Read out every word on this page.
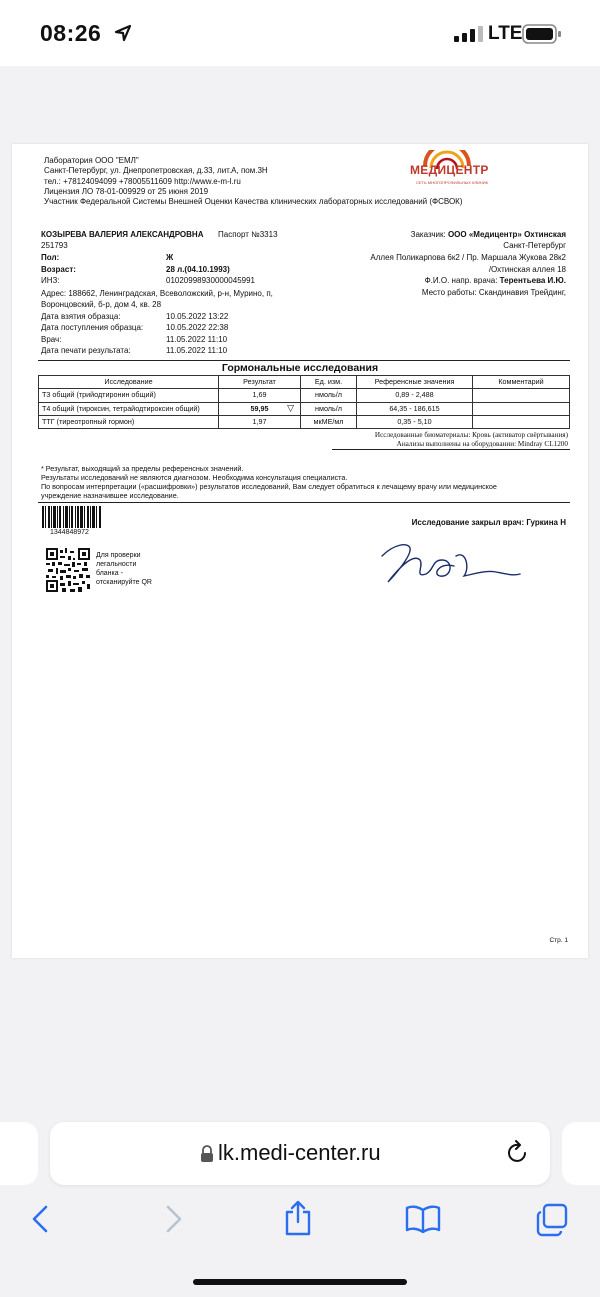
08:26	LTE
Лаборатория ООО "ЕМЛ"
Санкт-Петербург, ул. Днепропетровская, д.33, лит.А, пом.3Н
тел.: +78124094099 +78005511609 http://www.e-m-l.ru
Лицензия ЛО 78-01-009929 от 25 июня 2019
Участник Федеральной Системы Внешней Оценки Качества клинических лабораторных исследований (ФСВОК)
МЕДИЦЕНТР
СЕТЬ МНОГОПРОФИЛЬНЫХ КЛИНИК
КОЗЫРЕВА ВАЛЕРИЯ АЛЕКСАНДРОВНА Паспорт №3313
251793
Пол:	Ж
Возраст:	28 л.(04.10.1993)
ИНЗ:	01020998930000045991
Адрес: 188662, Ленинградская, Всеволожский, р-н, Мурино, п,
Воронцовский, б-р, дом 4, кв. 28
Дата взятия образца:	10.05.2022 13:22
Дата поступления образца:	10.05.2022 22:38
Врач:	11.05.2022 11:10
Дата печати результата:	11.05.2022 11:10
Заказчик: ООО «Медицентр» Охтинская
Санкт-Петербург
Аллея Поликарпова 6к2 / Пр. Маршала Жукова 28к2
/Охтинская аллея 18
Ф.И.О. напр. врача: Терентьева И.Ю.
Место работы: Скандинавия Трейдинг,
Гормональные исследования
Исследование	Результат	Ед. изм.	Референсные значения	Комментарий
Т3 общий (трийодтиронин общий)	1,69	нмоль/л	0,89 - 2,488	
Т4 общий (тироксин, тетрайодтироксин общий)	59,95 ▽	нмоль/л	64,35 - 186,615	
ТТГ (тиреотропный гормон)	1,97	мкМЕ/мл	0,35 - 5,10	
Исследованные биоматериалы: Кровь (активатор свёртывания)
Анализы выполнены на оборудовании: Mindray CL1200
* Результат, выходящий за пределы референсных значений.
Результаты исследований не являются диагнозом. Необходима консультация специалиста.
По вопросам интерпретации («расшифровки») результатов исследований, Вам следует обратиться к лечащему врачу или медицинское
учреждение назначившее исследование.
1344848972
Исследование закрыл врач: Гуркина Н
Для проверки
легальности
бланка -
отсканируйте QR
Стр. 1
lk.medi-center.ru
